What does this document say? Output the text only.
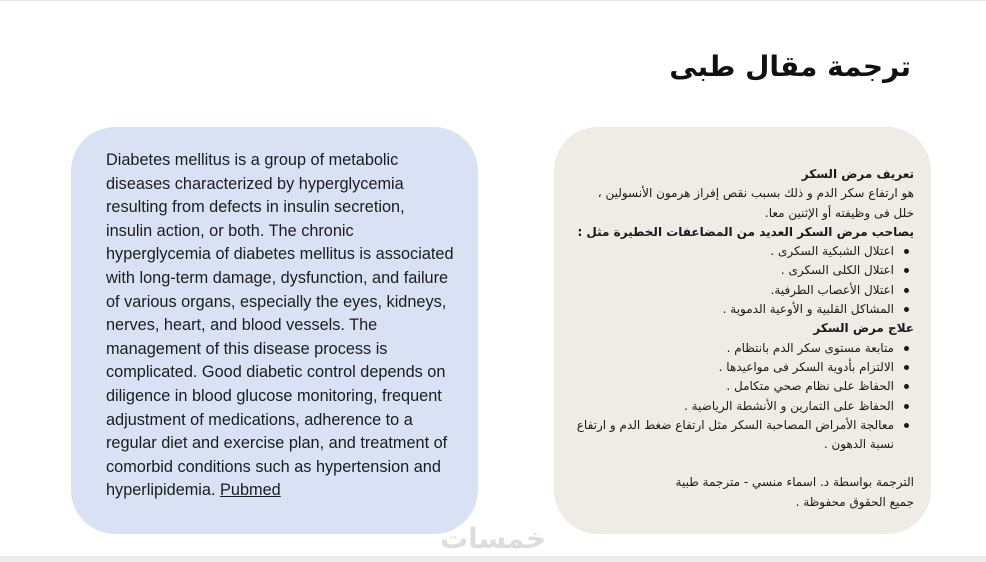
ترجمة مقال طبى
Diabetes mellitus is a group of metabolic diseases characterized by hyperglycemia resulting from defects in insulin secretion, insulin action, or both. The chronic hyperglycemia of diabetes mellitus is associated with long-term damage, dysfunction, and failure of various organs, especially the eyes, kidneys, nerves, heart, and blood vessels. The management of this disease process is complicated. Good diabetic control depends on diligence in blood glucose monitoring, frequent adjustment of medications, adherence to a regular diet and exercise plan, and treatment of comorbid conditions such as hypertension and hyperlipidemia. Pubmed

تعريف مرض السكر

هو ارتفاع سكر الدم و ذلك بسبب نقص إفراز هرمون الأنسولين ،

خلل فى وظيفته أو الإثنين معا.

يصاحب مرض السكر العديد من المضاعفات الخطيرة مثل :

اعتلال الشبكية السكرى .
اعتلال الكلى السكرى .
اعتلال الأعصاب الطرفية.
المشاكل القلبية و الأوعية الدموية .

علاج مرض السكر

متابعة مستوى سكر الدم بانتظام .
الالتزام بأدوية السكر فى مواعيدها .
الحفاظ على نظام صحي متكامل .
الحفاظ على التمارين و الأنشطة الرياضية .
معالجة الأمراض المصاحبة السكر مثل ارتفاع ضغط الدم و ارتفاع نسبة الدهون .

الترجمة بواسطة د. اسماء منسي - مترجمة طبية

جميع الحقوق محفوظة .

خمسات
